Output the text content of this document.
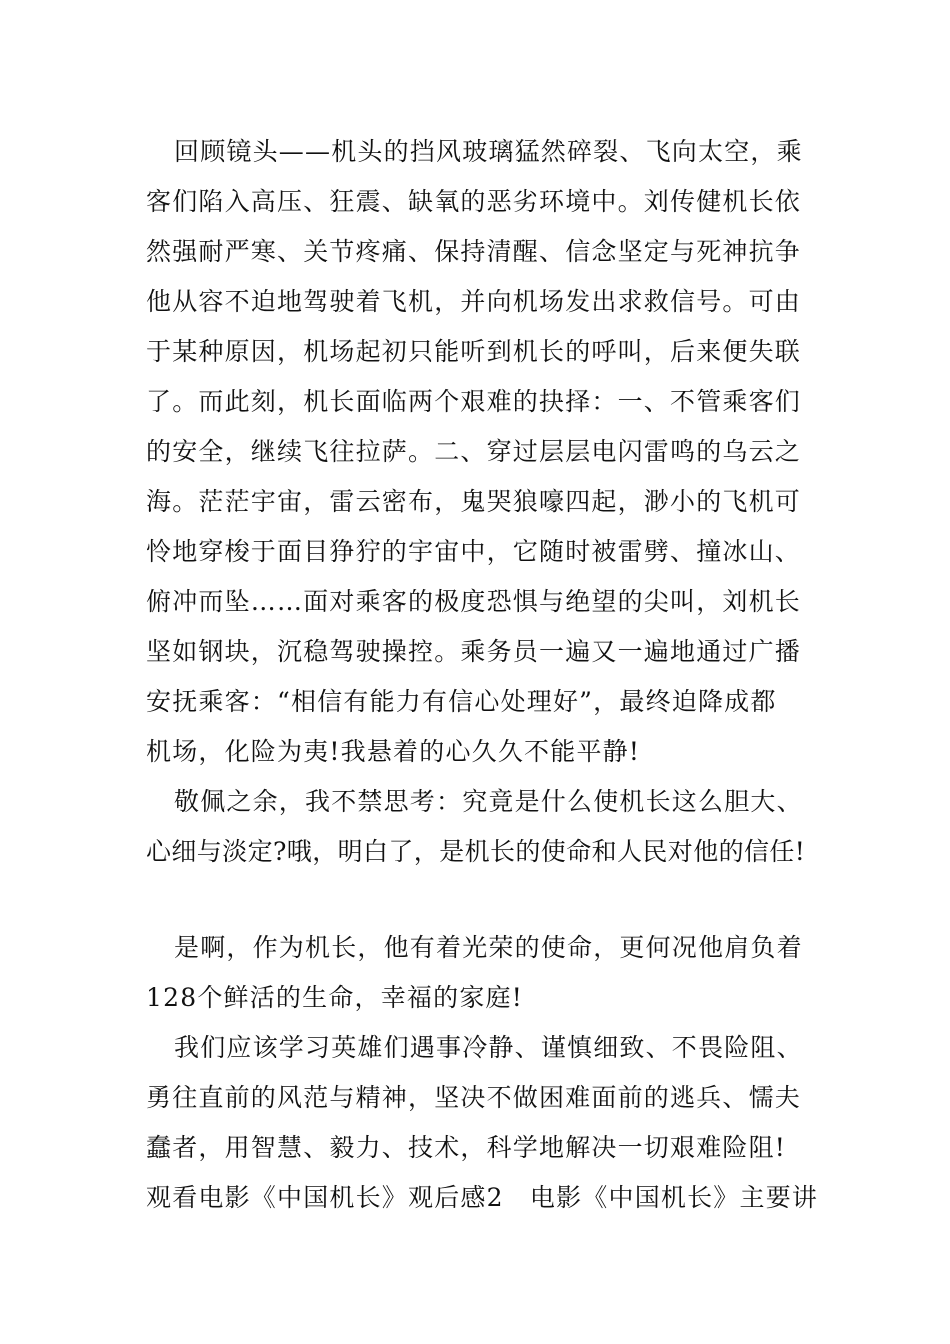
回顾镜头——机头的挡风玻璃猛然碎裂、飞向太空，乘
客们陷入高压、狂震、缺氧的恶劣环境中。刘传健机长依
然强耐严寒、关节疼痛、保持清醒、信念坚定与死神抗争
他从容不迫地驾驶着飞机，并向机场发出求救信号。可由
于某种原因，机场起初只能听到机长的呼叫，后来便失联
了。而此刻，机长面临两个艰难的抉择：一、不管乘客们
的安全，继续飞往拉萨。二、穿过层层电闪雷鸣的乌云之
海。茫茫宇宙，雷云密布，鬼哭狼嚎四起，渺小的飞机可
怜地穿梭于面目狰狞的宇宙中，它随时被雷劈、撞冰山、
俯冲而坠……面对乘客的极度恐惧与绝望的尖叫，刘机长
坚如钢块，沉稳驾驶操控。乘务员一遍又一遍地通过广播
安抚乘客：“相信有能力有信心处理好”，最终迫降成都
机场，化险为夷!我悬着的心久久不能平静!
敬佩之余，我不禁思考：究竟是什么使机长这么胆大、
心细与淡定?哦，明白了，是机长的使命和人民对他的信任!
是啊，作为机长，他有着光荣的使命，更何况他肩负着
128个鲜活的生命，幸福的家庭!
我们应该学习英雄们遇事冷静、谨慎细致、不畏险阻、
勇往直前的风范与精神，坚决不做困难面前的逃兵、懦夫
蠢者，用智慧、毅力、技术，科学地解决一切艰难险阻!
观看电影《中国机长》观后感2　电影《中国机长》主要讲
